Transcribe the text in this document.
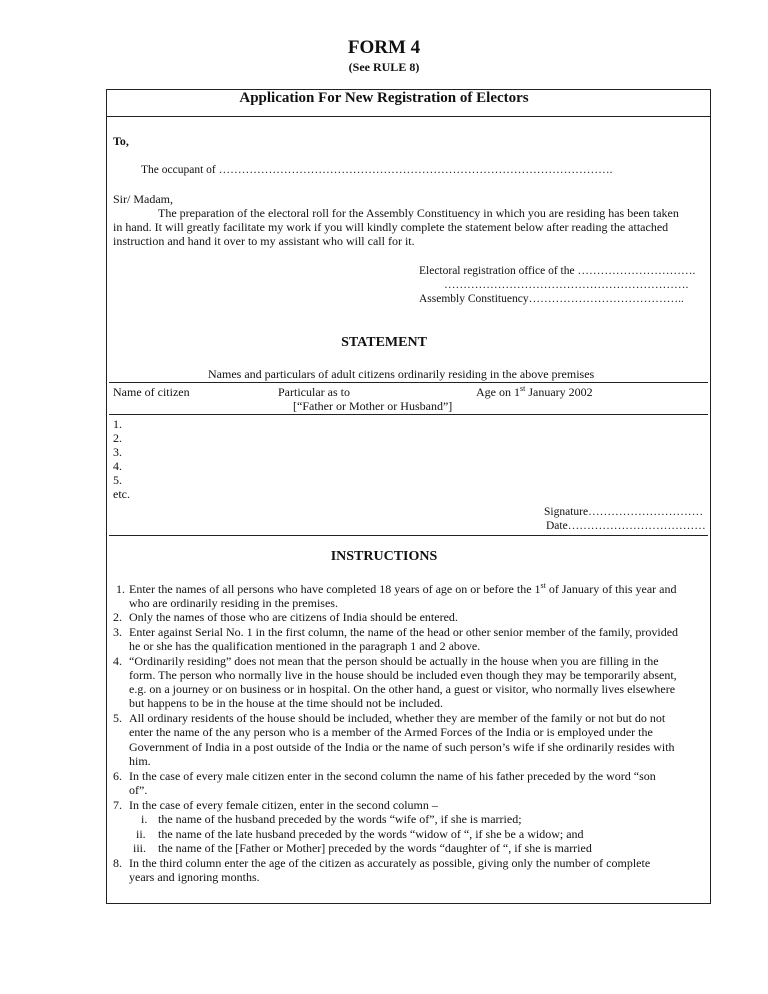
FORM 4
(See RULE 8)
Application For New Registration of Electors
To,
The occupant of ………………………………………………………………………………………….
Sir/ Madam,
The preparation of the electoral roll for the Assembly Constituency in which you are residing has been taken
in hand. It will greatly facilitate my work if you will kindly complete the statement below after reading the attached
instruction and hand it over to my assistant who will call for it.
Electoral registration office of the ………………………….
……………………………………………………….
Assembly Constituency…………………………………..
STATEMENT
Names and particulars of adult citizens ordinarily residing in the above premises
Name of citizen	Particular as to
[“Father or Mother or Husband”]
Age on 1st January 2002
1.
2.
3.
4.
5.
etc.
Signature…………………………
Date………………………………
INSTRUCTIONS
1. Enter the names of all persons who have completed 18 years of age on or before the 1st of January of this year and
who are ordinarily residing in the premises.
2. Only the names of those who are citizens of India should be entered.
3. Enter against Serial No. 1 in the first column, the name of the head or other senior member of the family, provided
he or she has the qualification mentioned in the paragraph 1 and 2 above.
4. “Ordinarily residing” does not mean that the person should be actually in the house when you are filling in the
form. The person who normally live in the house should be included even though they may be temporarily absent,
e.g. on a journey or on business or in hospital. On the other hand, a guest or visitor, who normally lives elsewhere
but happens to be in the house at the time should not be included.
5. All ordinary residents of the house should be included, whether they are member of the family or not but do not
enter the name of the any person who is a member of the Armed Forces of the India or is employed under the
Government of India in a post outside of the India or the name of such person’s wife if she ordinarily resides with
him.
6. In the case of every male citizen enter in the second column the name of his father preceded by the word “son
of”.
7. In the case of every female citizen, enter in the second column –
i. the name of the husband preceded by the words “wife of”, if she is married;
ii. the name of the late husband preceded by the words “widow of “, if she be a widow; and
iii. the name of the [Father or Mother] preceded by the words “daughter of “, if she is married
8. In the third column enter the age of the citizen as accurately as possible, giving only the number of complete
years and ignoring months.
